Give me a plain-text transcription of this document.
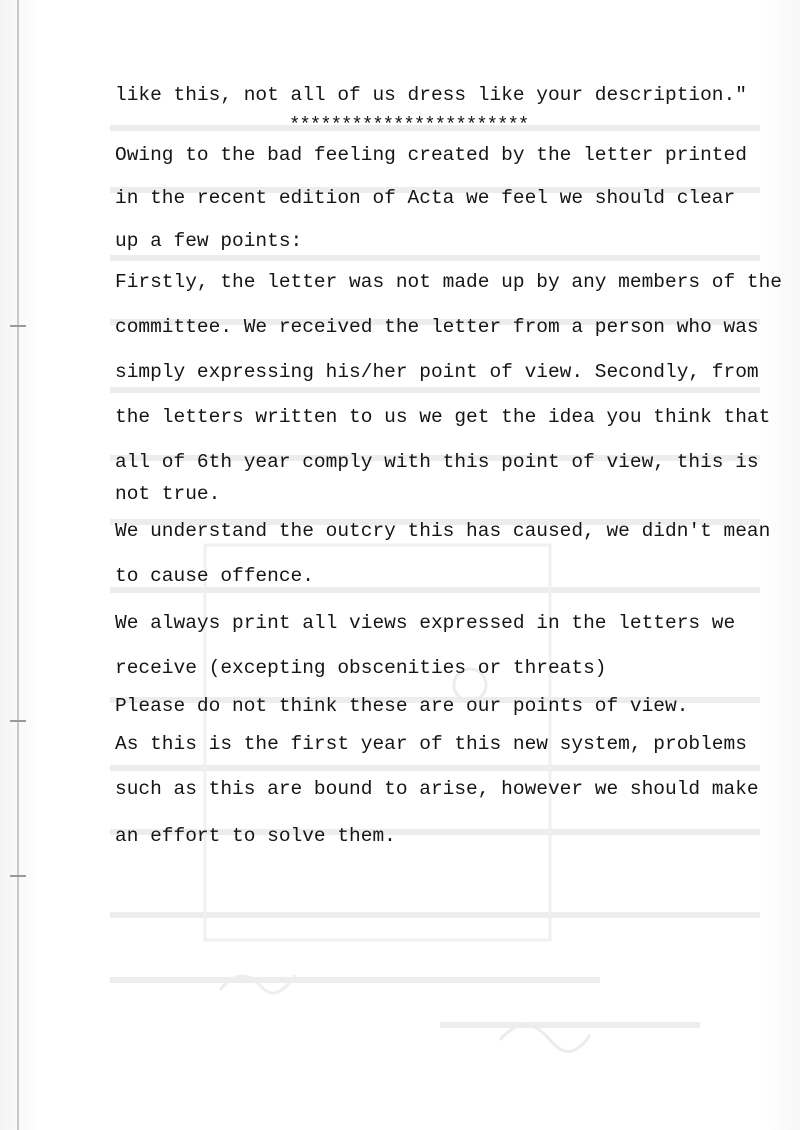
like this, not all of us dress like your description."
***********************
Owing to the bad feeling created by the letter printed
in the recent edition of Acta we feel we should clear
up a few points:
Firstly, the letter was not made up by any members of the
committee. We received the letter from a person who was
simply expressing his/her point of view. Secondly, from
the letters written to us we get the idea you think that
all of 6th year comply with this point of view, this is
not true.
We understand the outcry this has caused, we didn't mean
to cause offence.
We always print all views expressed in the letters we
receive (excepting obscenities or threats)
Please do not think these are our points of view.
As this is the first year of this new system, problems
such as this are bound to arise, however we should make
an effort to solve them.
